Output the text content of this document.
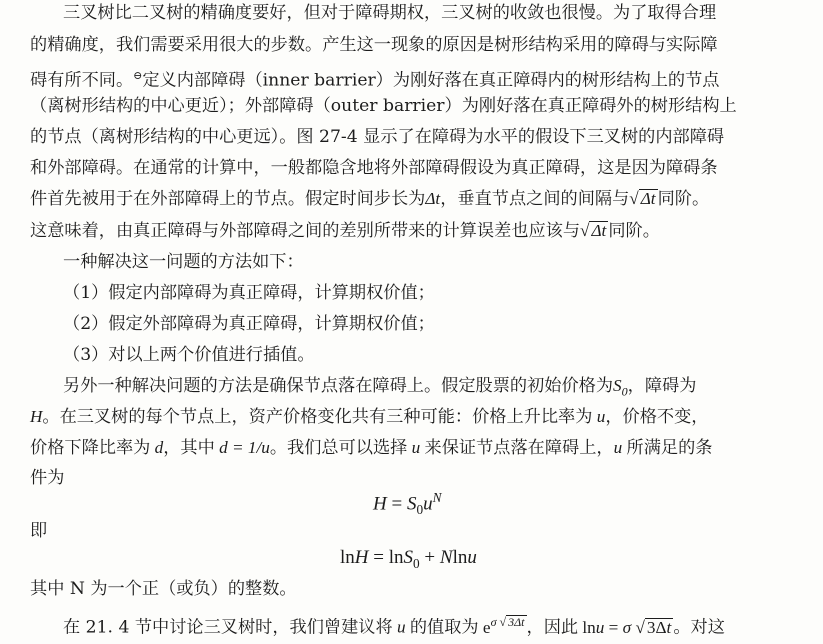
三叉树比二叉树的精确度要好，但对于障碍期权，三叉树的收敛也很慢。为了取得合理
的精确度，我们需要采用很大的步数。产生这一现象的原因是树形结构采用的障碍与实际障
碍有所不同。⊖定义内部障碍（inner barrier）为刚好落在真正障碍内的树形结构上的节点
（离树形结构的中心更近）；外部障碍（outer barrier）为刚好落在真正障碍外的树形结构上
的节点（离树形结构的中心更远）。图 27-4 显示了在障碍为水平的假设下三叉树的内部障碍
和外部障碍。在通常的计算中，一般都隐含地将外部障碍假设为真正障碍，这是因为障碍条
件首先被用于在外部障碍上的节点。假定时间步长为Δt，垂直节点之间的间隔与√ Δt 同阶。
这意味着，由真正障碍与外部障碍之间的差别所带来的计算误差也应该与√ Δt 同阶。
一种解决这一问题的方法如下：
（1）假定内部障碍为真正障碍，计算期权价值；
（2）假定外部障碍为真正障碍，计算期权价值；
（3）对以上两个价值进行插值。
另外一种解决问题的方法是确保节点落在障碍上。假定股票的初始价格为$S_0$，障碍为
H。在三叉树的每个节点上，资产价格变化共有三种可能：价格上升比率为 u，价格不变，
价格下降比率为 d，其中 d = 1/u。我们总可以选择 u 来保证节点落在障碍上，u 所满足的条
件为
$H = S_0u^N$
即
lnH = lnS$_0$ + Nlnu
其中 N 为一个正（或负）的整数。
在 21. 4 节中讨论三叉树时，我们曾建议将 u 的值取为 $e^{\sigma √ 3\Delta t}$ ，因此 lnu = σ √ 3Δt 。对这
